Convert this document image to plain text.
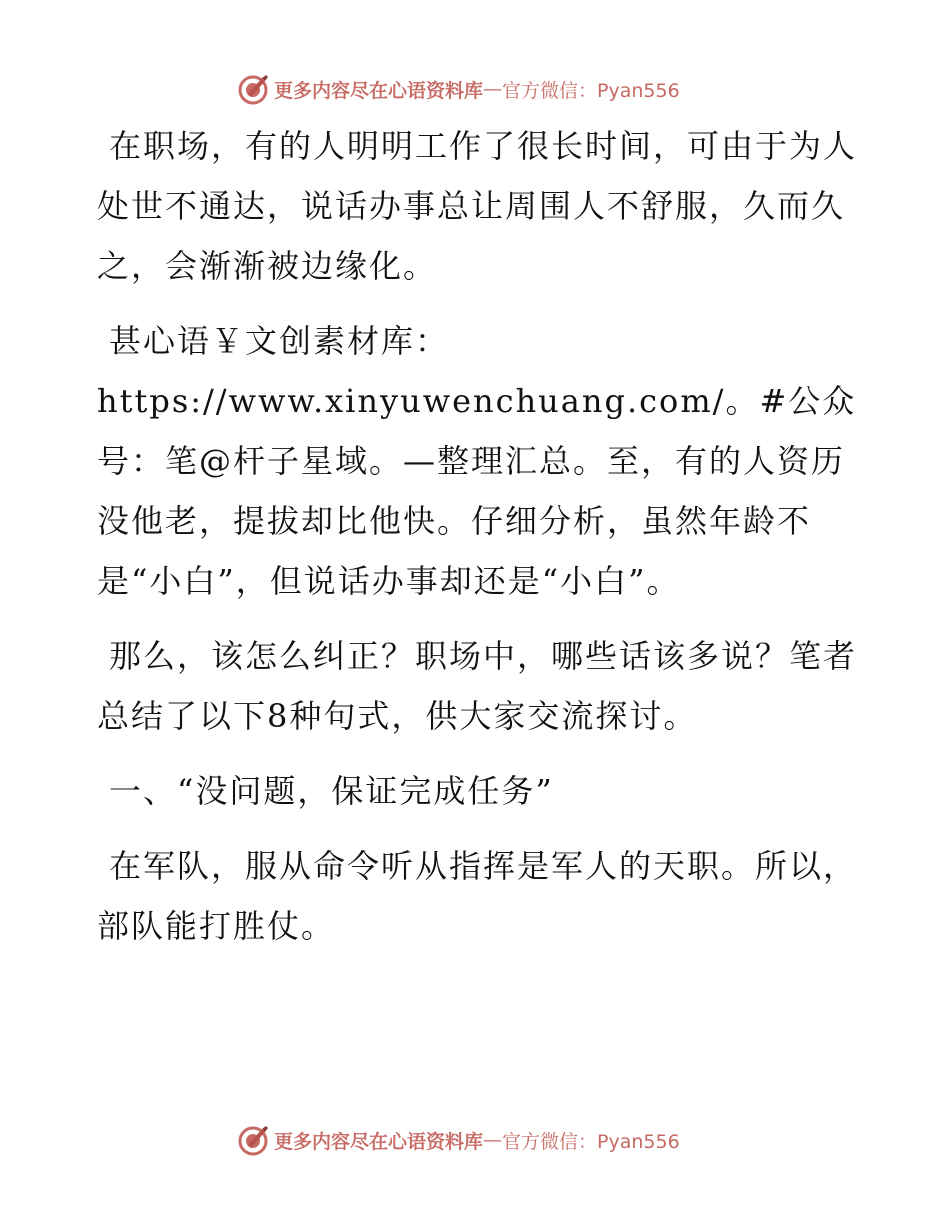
更多内容尽在心语资料库 — 官方微信：Pyan556

在职场，有的人明明工作了很长时间，可由于为人处世不通达，说话办事总让周围人不舒服，久而久之，会渐渐被边缘化。

甚心语￥文创素材库：https://www.xinyuwenchuang.com/。#公众号：笔@杆子星域。—整理汇总。至，有的人资历没他老，提拔却比他快。仔细分析，虽然年龄不是“小白”，但说话办事却还是“小白”。

那么，该怎么纠正？职场中，哪些话该多说？笔者总结了以下8种句式，供大家交流探讨。

一、“没问题，保证完成任务”

在军队，服从命令听从指挥是军人的天职。所以，部队能打胜仗。

更多内容尽在心语资料库 — 官方微信：Pyan556
